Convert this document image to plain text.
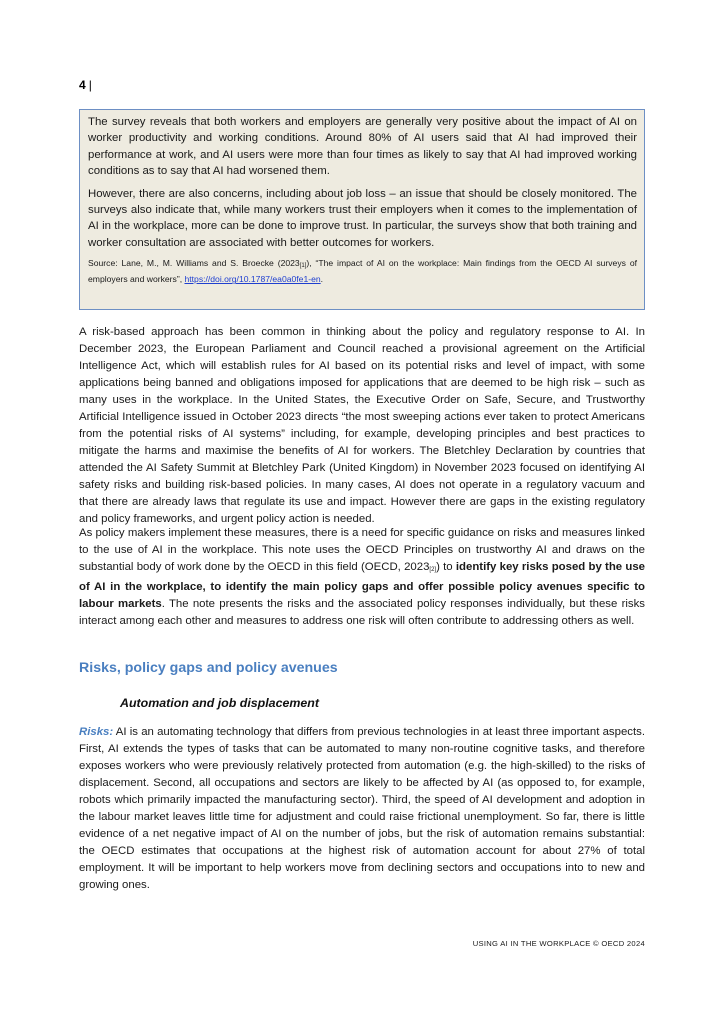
4 |

The survey reveals that both workers and employers are generally very positive about the impact of AI on worker productivity and working conditions. Around 80% of AI users said that AI had improved their performance at work, and AI users were more than four times as likely to say that AI had improved working conditions as to say that AI had worsened them.

However, there are also concerns, including about job loss – an issue that should be closely monitored. The surveys also indicate that, while many workers trust their employers when it comes to the implementation of AI in the workplace, more can be done to improve trust. In particular, the surveys show that both training and worker consultation are associated with better outcomes for workers.

Source: Lane, M., M. Williams and S. Broecke $(2023_{[1]})$, “The impact of AI on the workplace: Main findings from the OECD AI surveys of employers and workers”, https://doi.org/10.1787/ea0a0fe1-en.

A risk-based approach has been common in thinking about the policy and regulatory response to AI. In December 2023, the European Parliament and Council reached a provisional agreement on the Artificial Intelligence Act, which will establish rules for AI based on its potential risks and level of impact, with some applications being banned and obligations imposed for applications that are deemed to be high risk – such as many uses in the workplace. In the United States, the Executive Order on Safe, Secure, and Trustworthy Artificial Intelligence issued in October 2023 directs “the most sweeping actions ever taken to protect Americans from the potential risks of AI systems” including, for example, developing principles and best practices to mitigate the harms and maximise the benefits of AI for workers. The Bletchley Declaration by countries that attended the AI Safety Summit at Bletchley Park (United Kingdom) in November 2023 focused on identifying AI safety risks and building risk-based policies. In many cases, AI does not operate in a regulatory vacuum and that there are already laws that regulate its use and impact. However there are gaps in the existing regulatory and policy frameworks, and urgent policy action is needed.

As policy makers implement these measures, there is a need for specific guidance on risks and measures linked to the use of AI in the workplace. This note uses the OECD Principles on trustworthy AI and draws on the substantial body of work done by the OECD in this field (OECD, $2023_{[2]}$) to identify key risks posed by the use of AI in the workplace, to identify the main policy gaps and offer possible policy avenues specific to labour markets. The note presents the risks and the associated policy responses individually, but these risks interact among each other and measures to address one risk will often contribute to addressing others as well.

Risks, policy gaps and policy avenues
Automation and job displacement

Risks: AI is an automating technology that differs from previous technologies in at least three important aspects. First, AI extends the types of tasks that can be automated to many non-routine cognitive tasks, and therefore exposes workers who were previously relatively protected from automation (e.g. the high-skilled) to the risks of displacement. Second, all occupations and sectors are likely to be affected by AI (as opposed to, for example, robots which primarily impacted the manufacturing sector). Third, the speed of AI development and adoption in the labour market leaves little time for adjustment and could raise frictional unemployment. So far, there is little evidence of a net negative impact of AI on the number of jobs, but the risk of automation remains substantial: the OECD estimates that occupations at the highest risk of automation account for about 27% of total employment. It will be important to help workers move from declining sectors and occupations into to new and growing ones.

USING AI IN THE WORKPLACE © OECD 2024
